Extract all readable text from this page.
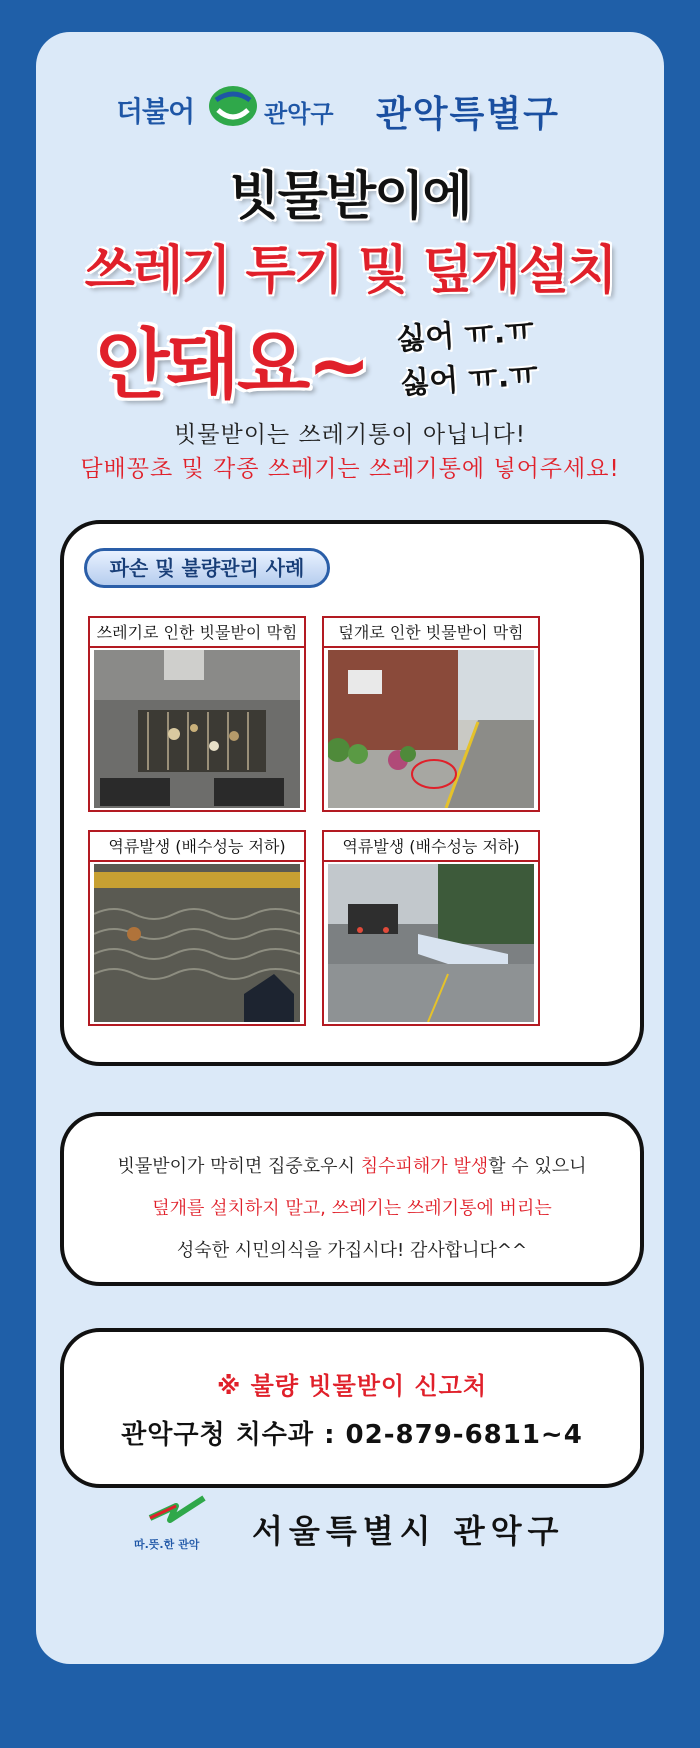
더불어	관악구 관악특별구
빗물받이에
쓰레기 투기 및 덮개설치
안돼요~ 싫어 ㅠ.ㅠ
싫어 ㅠ.ㅠ
빗물받이는 쓰레기통이 아닙니다!
담배꽁초 및 각종 쓰레기는 쓰레기통에 넣어주세요!
파손 및 불량관리 사례
쓰레기로 인한 빗물받이 막힘	덮개로 인한 빗물받이 막힘
역류발생 (배수성능 저하)	역류발생 (배수성능 저하)
빗물받이가 막히면 집중호우시 침수피해가 발생할 수 있으니
덮개를 설치하지 말고, 쓰레기는 쓰레기통에 버리는
성숙한 시민의식을 가집시다! 감사합니다^^
※ 불량 빗물받이 신고처
관악구청 치수과 : 02-879-6811~4
따.뜻.한 관악 서울특별시 관악구
